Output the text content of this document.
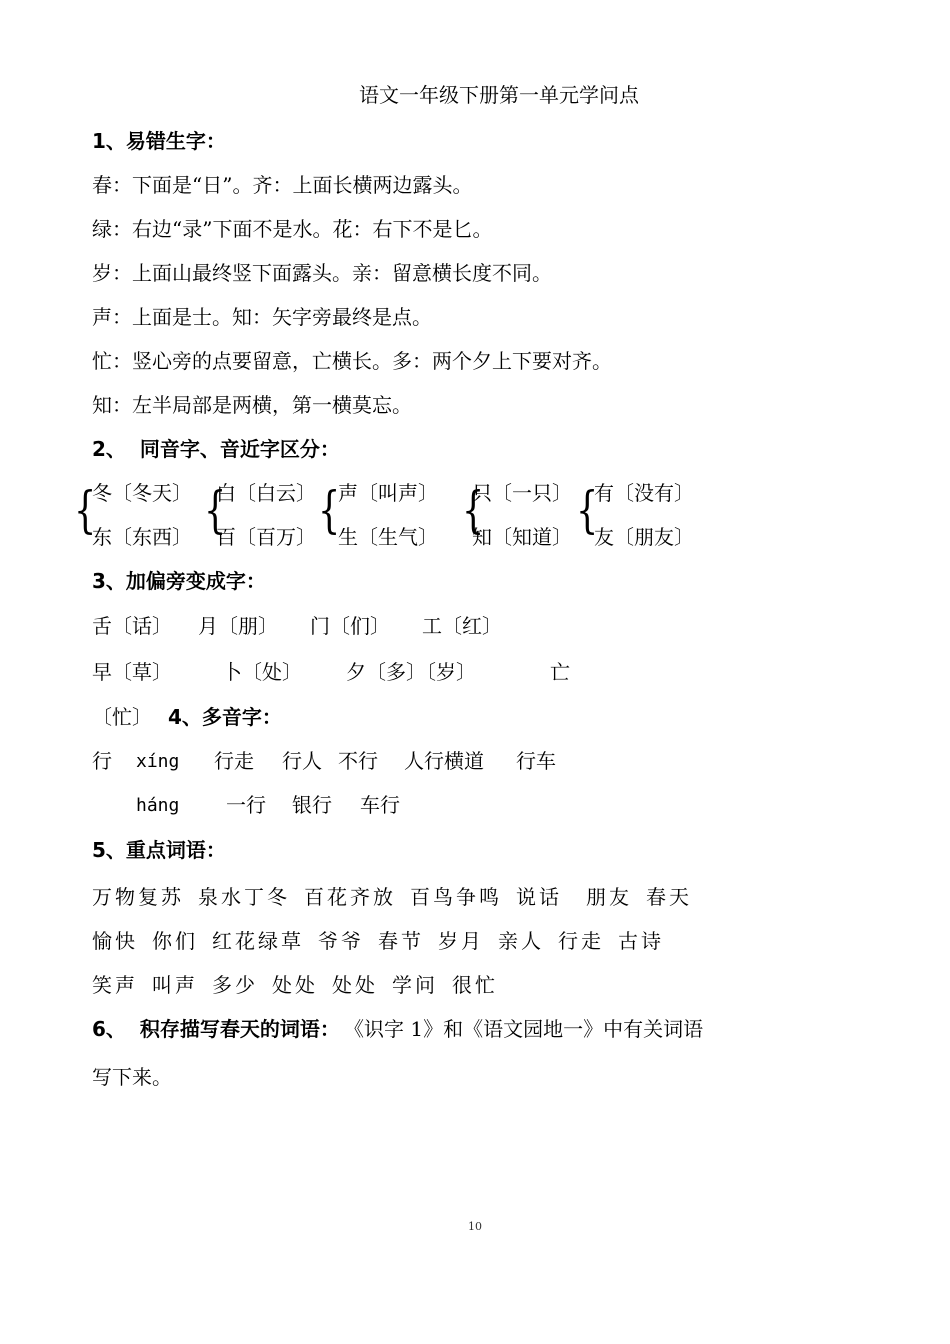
语文一年级下册第一单元学问点
1、易错生字：
春：下面是“日”。齐：上面长横两边露头。
绿：右边“录”下面不是水。花：右下不是匕。
岁：上面山最终竖下面露头。亲：留意横长度不同。
声：上面是士。知：矢字旁最终是点。
忙：竖心旁的点要留意，亡横长。多：两个夕上下要对齐。
知：左半局部是两横，第一横莫忘。
2、  同音字、音近字区分：
{ { { { {
冬〔冬天〕 白〔白云〕 声〔叫声〕 只〔一只〕 有〔没有〕
东〔东西〕 百〔百万〕 生〔生气〕 知〔知道〕 友〔朋友〕
3、加偏旁变成字：
舌〔话〕 月〔朋〕 门〔们〕 工〔红〕
早〔草〕	卜〔处〕 夕〔多〕〔岁〕	亡
〔忙〕 4、多音字：
行 xíng 行走 行人 不行 人行横道 行车
háng 一行 银行 车行
5、重点词语：
万物复苏 泉水丁冬 百花齐放 百鸟争鸣 说话 朋友 春天
愉快 你们 红花绿草 爷爷 春节 岁月 亲人 行走 古诗
笑声 叫声 多少 处处 处处 学问 很忙
6、  积存描写春天的词语： 《识字 1》和《语文园地一》中有关词语
写下来。
10
